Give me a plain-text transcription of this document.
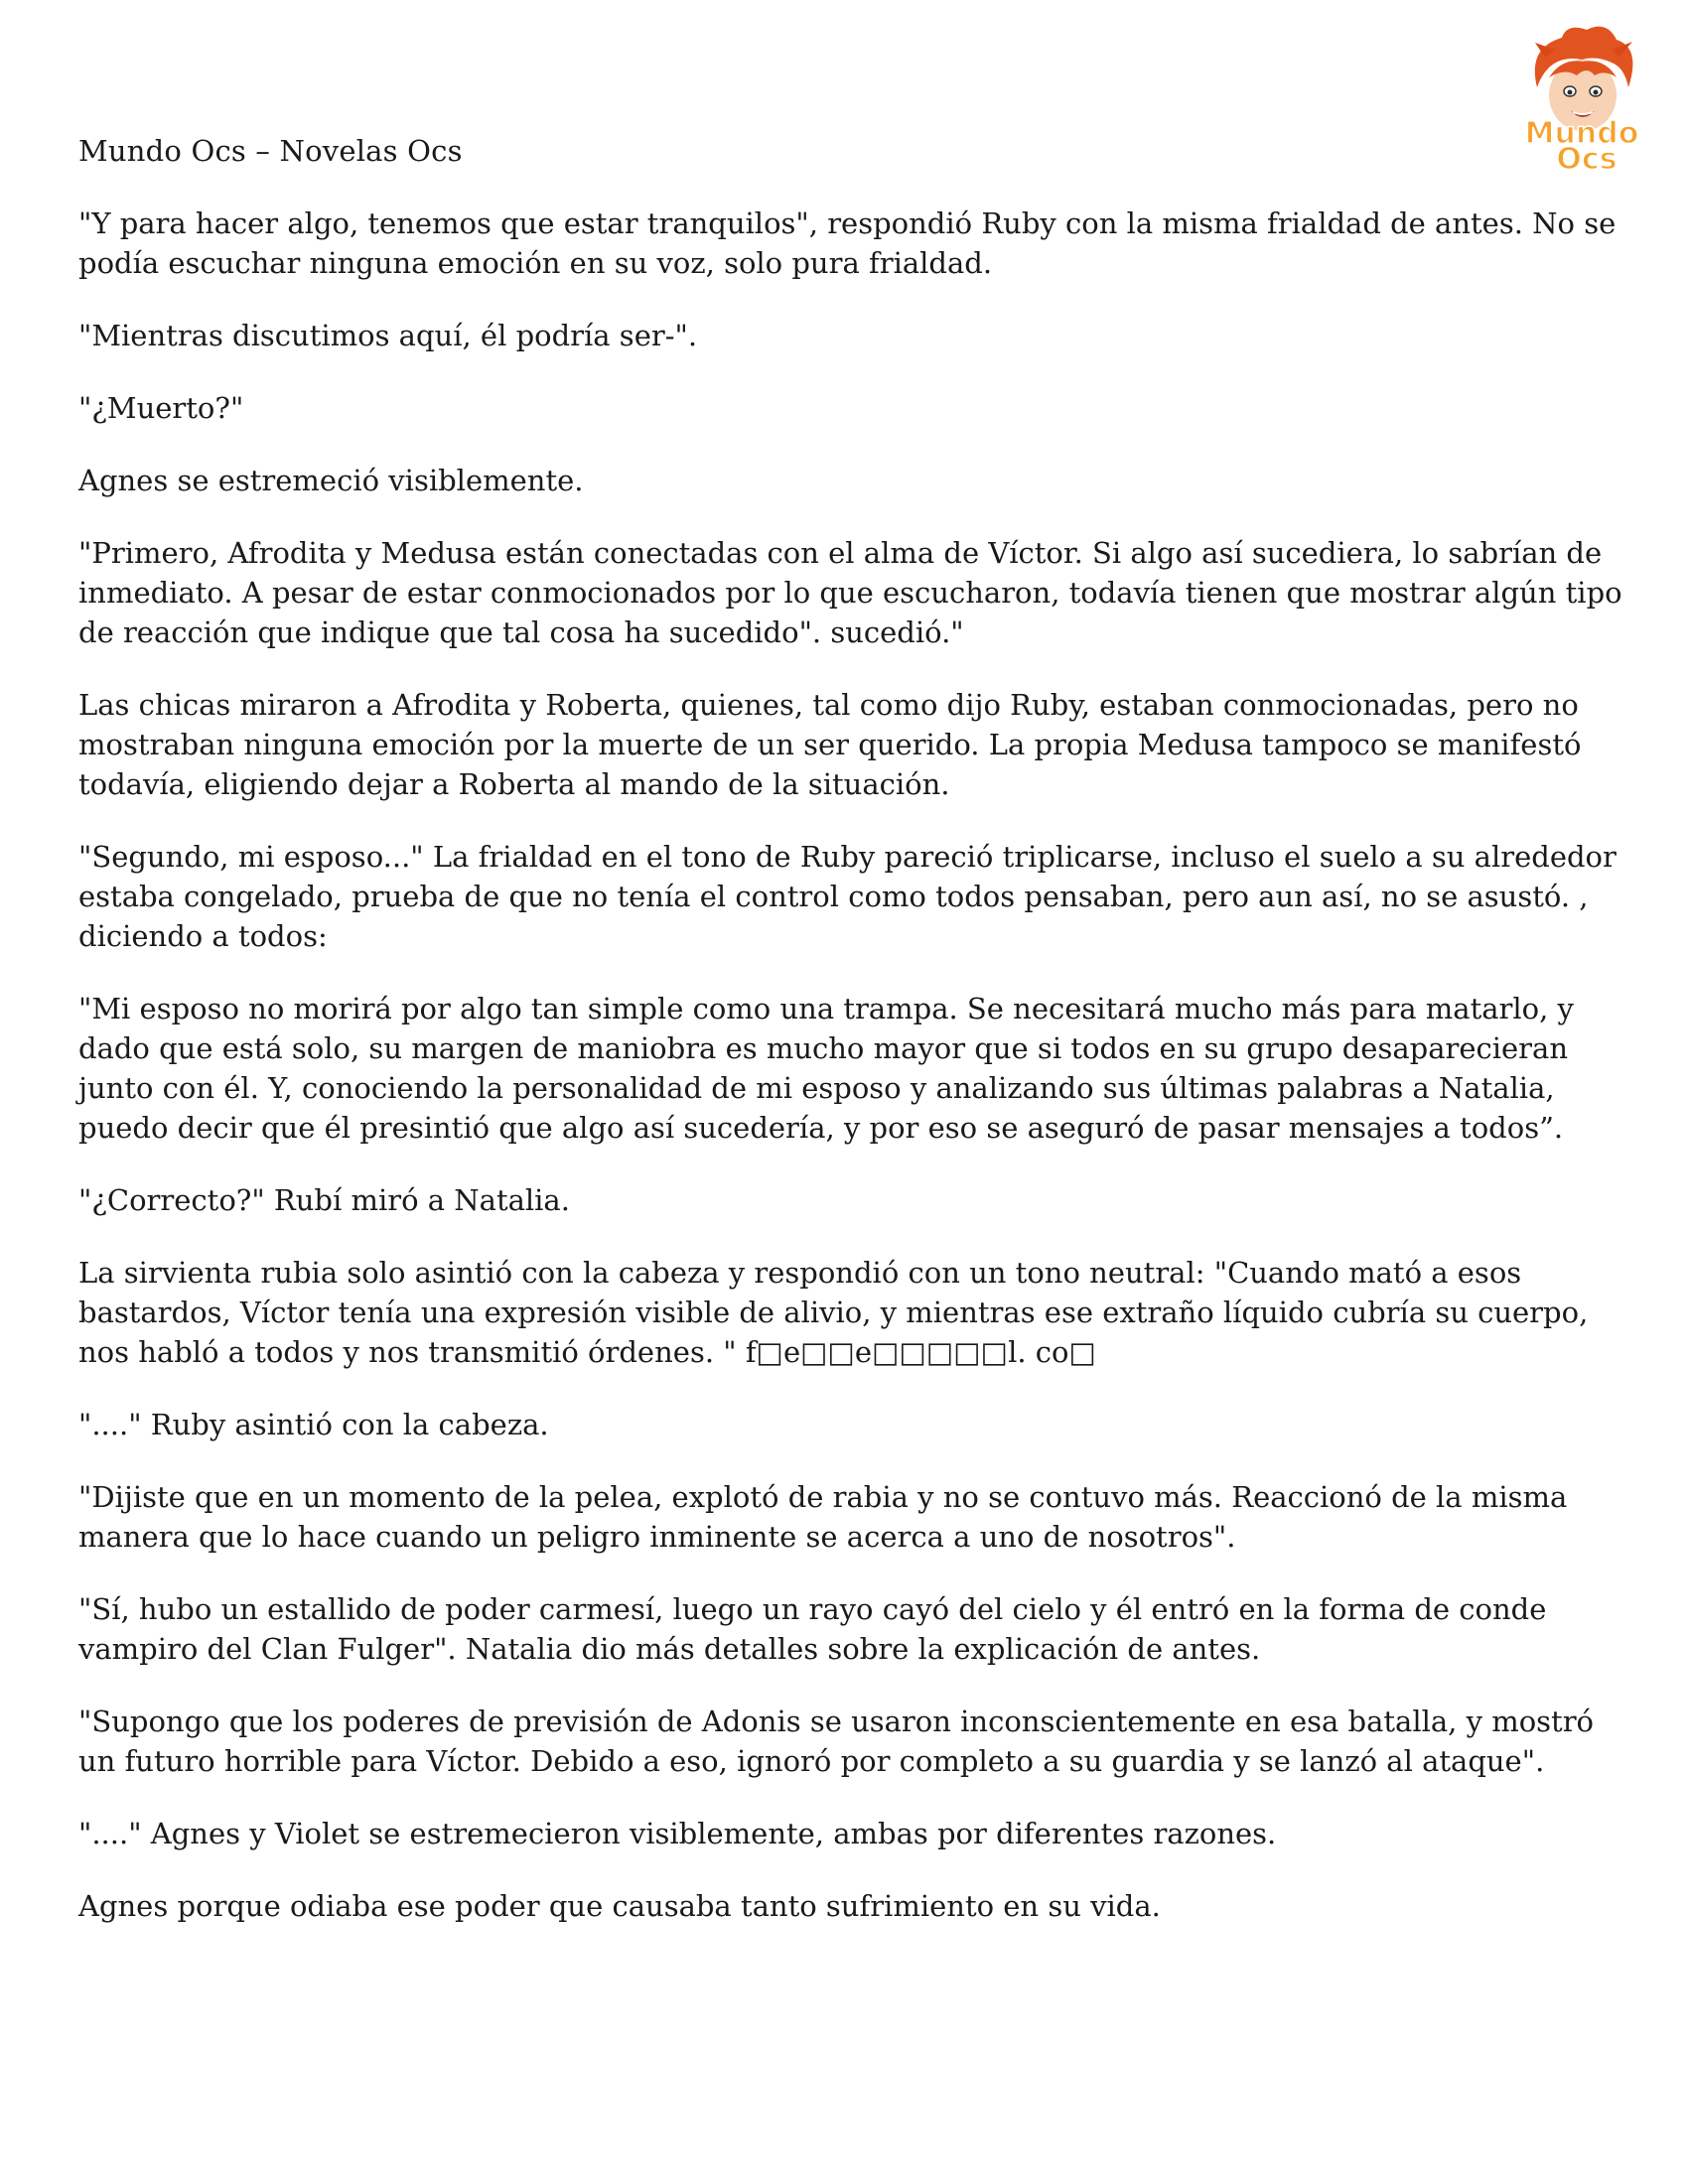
Mundo Ocs – Novelas Ocs	Mundo
Ocs

"Y para hacer algo, tenemos que estar tranquilos", respondió Ruby con la misma frialdad de antes. No se podía escuchar ninguna emoción en su voz, solo pura frialdad.

"Mientras discutimos aquí, él podría ser-".

"¿Muerto?"

Agnes se estremeció visiblemente.

"Primero, Afrodita y Medusa están conectadas con el alma de Víctor. Si algo así sucediera, lo sabrían de inmediato. A pesar de estar conmocionados por lo que escucharon, todavía tienen que mostrar algún tipo de reacción que indique que tal cosa ha sucedido". sucedió."

Las chicas miraron a Afrodita y Roberta, quienes, tal como dijo Ruby, estaban conmocionadas, pero no mostraban ninguna emoción por la muerte de un ser querido. La propia Medusa tampoco se manifestó todavía, eligiendo dejar a Roberta al mando de la situación.

"Segundo, mi esposo..." La frialdad en el tono de Ruby pareció triplicarse, incluso el suelo a su alrededor estaba congelado, prueba de que no tenía el control como todos pensaban, pero aun así, no se asustó. , diciendo a todos:

"Mi esposo no morirá por algo tan simple como una trampa. Se necesitará mucho más para matarlo, y dado que está solo, su margen de maniobra es mucho mayor que si todos en su grupo desaparecieran junto con él. Y, conociendo la personalidad de mi esposo y analizando sus últimas palabras a Natalia, puedo decir que él presintió que algo así sucedería, y por eso se aseguró de pasar mensajes a todos”.

"¿Correcto?" Rubí miró a Natalia.

La sirvienta rubia solo asintió con la cabeza y respondió con un tono neutral: "Cuando mató a esos bastardos, Víctor tenía una expresión visible de alivio, y mientras ese extraño líquido cubría su cuerpo, nos habló a todos y nos transmitió órdenes. " f□e□□e□□□□□l. co□

"...." Ruby asintió con la cabeza.

"Dijiste que en un momento de la pelea, explotó de rabia y no se contuvo más. Reaccionó de la misma manera que lo hace cuando un peligro inminente se acerca a uno de nosotros".

"Sí, hubo un estallido de poder carmesí, luego un rayo cayó del cielo y él entró en la forma de conde vampiro del Clan Fulger". Natalia dio más detalles sobre la explicación de antes.

"Supongo que los poderes de previsión de Adonis se usaron inconscientemente en esa batalla, y mostró un futuro horrible para Víctor. Debido a eso, ignoró por completo a su guardia y se lanzó al ataque".

"...." Agnes y Violet se estremecieron visiblemente, ambas por diferentes razones.

Agnes porque odiaba ese poder que causaba tanto sufrimiento en su vida.
